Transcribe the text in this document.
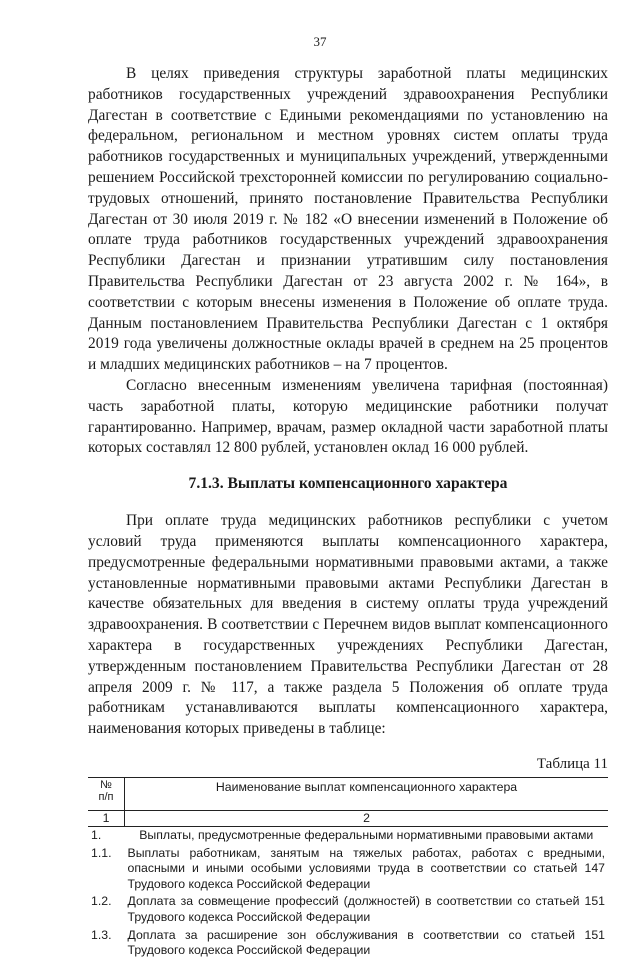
37

В целях приведения структуры заработной платы медицинских работников государственных учреждений здравоохранения Республики Дагестан в соответствие с Едиными рекомендациями по установлению на федеральном, региональном и местном уровнях систем оплаты труда работников государственных и муниципальных учреждений, утвержденными решением Российской трехсторонней комиссии по регулированию социально-трудовых отношений, принято постановление Правительства Республики Дагестан от 30 июля 2019 г. № 182 «О внесении изменений в Положение об оплате труда работников государственных учреждений здравоохранения Республики Дагестан и признании утратившим силу постановления Правительства Республики Дагестан от 23 августа 2002 г. № 164», в соответствии с которым внесены изменения в Положение об оплате труда. Данным постановлением Правительства Республики Дагестан с 1 октября 2019 года увеличены должностные оклады врачей в среднем на 25 процентов и младших медицинских работников – на 7 процентов.

Согласно внесенным изменениям увеличена тарифная (постоянная) часть заработной платы, которую медицинские работники получат гарантированно. Например, врачам, размер окладной части заработной платы которых составлял 12 800 рублей, установлен оклад 16 000 рублей.

7.1.3. Выплаты компенсационного характера

При оплате труда медицинских работников республики с учетом условий труда применяются выплаты компенсационного характера, предусмотренные федеральными нормативными правовыми актами, а также установленные нормативными правовыми актами Республики Дагестан в качестве обязательных для введения в систему оплаты труда учреждений здравоохранения. В соответствии с Перечнем видов выплат компенсационного характера в государственных учреждениях Республики Дагестан, утвержденным постановлением Правительства Республики Дагестан от 28 апреля 2009 г. № 117, а также раздела 5 Положения об оплате труда работникам устанавливаются выплаты компенсационного характера, наименования которых приведены в таблице:

Таблица 11
№
п/п	Наименование выплат компенсационного характера
1	2
1.	Выплаты, предусмотренные федеральными нормативными правовыми актами
1.1.	Выплаты работникам, занятым на тяжелых работах, работах с вредными, опасными и иными особыми условиями труда в соответствии со статьей 147 Трудового кодекса Российской Федерации
1.2.	Доплата за совмещение профессий (должностей) в соответствии со статьей 151 Трудового кодекса Российской Федерации
1.3.	Доплата за расширение зон обслуживания в соответствии со статьей 151 Трудового кодекса Российской Федерации
